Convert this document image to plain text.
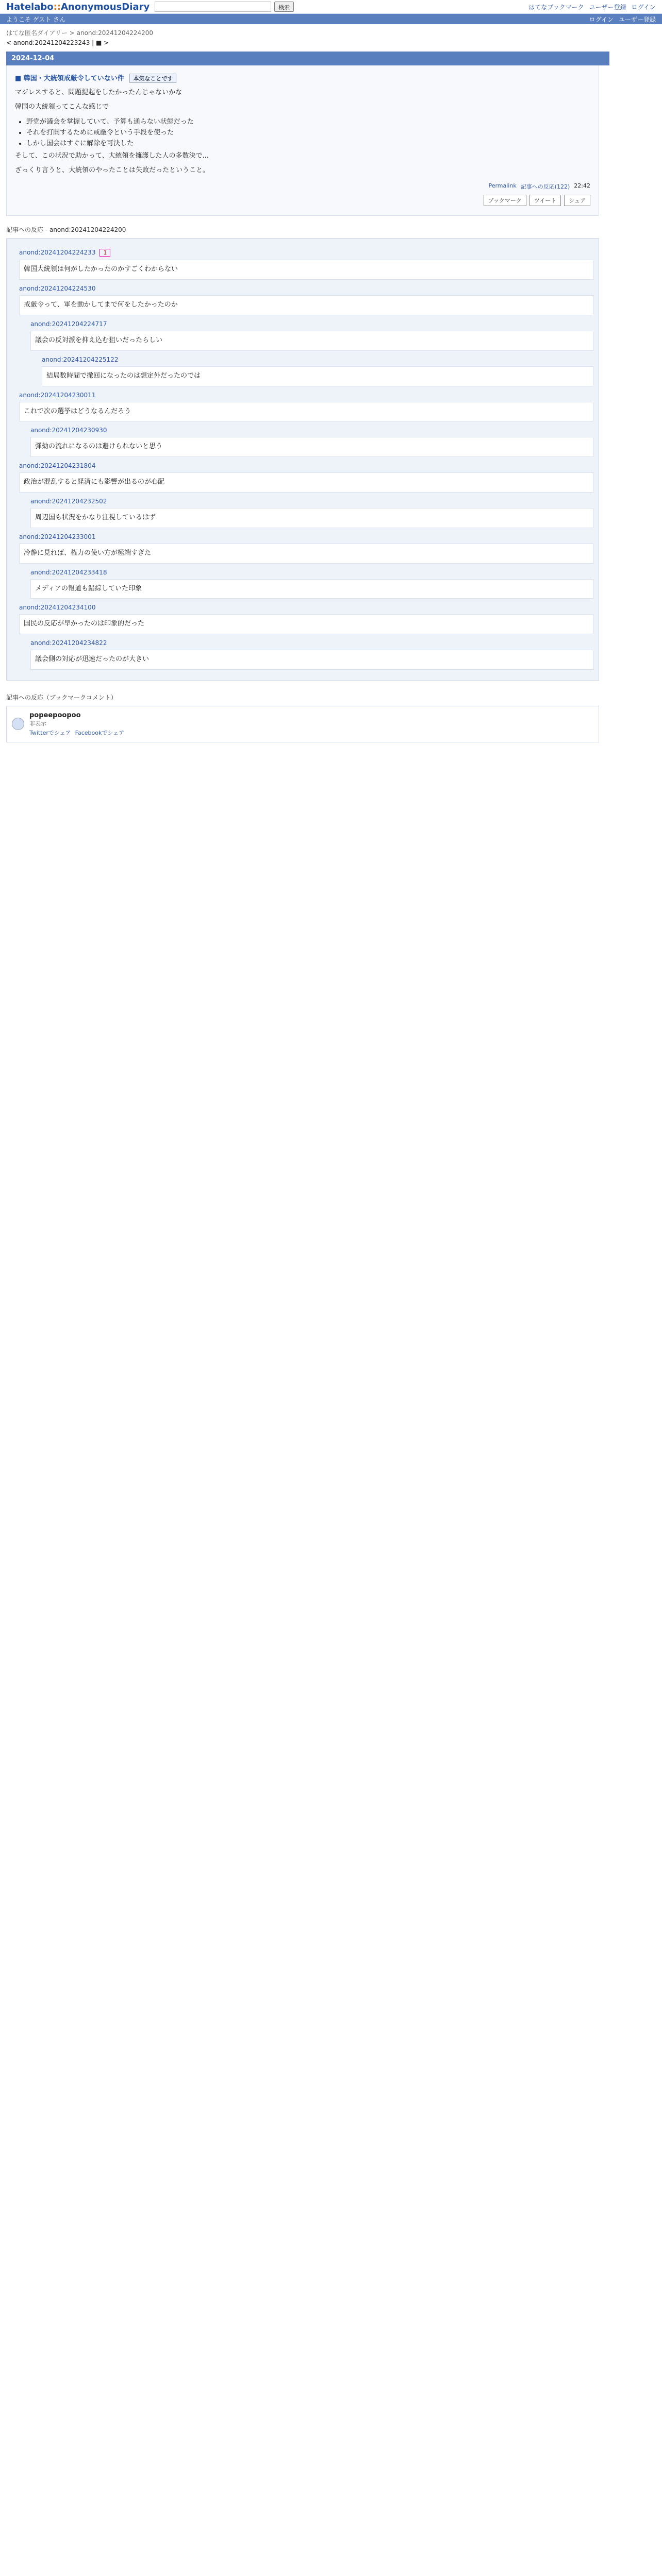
Hatelabo::AnonymousDiary	検索	はてなブックマーク ユーザー登録 ログイン
ようこそ ゲスト さん	ログイン ユーザー登録
はてな匿名ダイアリー > anond:20241204224200
< anond:20241204223243 | ■ >
2024-12-04
■ 韓国・大統領戒厳令していない件 本気なことです
マジレスすると、問題提起をしたかったんじゃないかな
韓国の大統領ってこんな感じで
• 野党が議会を掌握していて、予算も通らない状態だった
• それを打開するために戒厳令という手段を使った
• しかし国会はすぐに解除を可決した
そして、この状況で助かって、大統領を擁護した人の多数決で...
ざっくり言うと、大統領のやったことは失敗だったということ。
Permalink 記事への反応(122) 22:42
ブックマーク	ツイート	シェア
記事への反応 - anond:20241204224200
anond:20241204224233 1
韓国大統領は何がしたかったのかすごくわからない
anond:20241204224530
戒厳令って、軍を動かしてまで何をしたかったのか
anond:20241204224717
議会の反対派を抑え込む狙いだったらしい
anond:20241204225122
結局数時間で撤回になったのは想定外だったのでは
anond:20241204230011
これで次の選挙はどうなるんだろう
anond:20241204230930
弾劾の流れになるのは避けられないと思う
anond:20241204231804
政治が混乱すると経済にも影響が出るのが心配
anond:20241204232502
周辺国も状況をかなり注視しているはず
anond:20241204233001
冷静に見れば、権力の使い方が極端すぎた
anond:20241204233418
メディアの報道も錯綜していた印象
anond:20241204234100
国民の反応が早かったのは印象的だった
anond:20241204234822
議会側の対応が迅速だったのが大きい
記事への反応（ブックマークコメント）
popeepoopoo
非表示
Twitterでシェア Facebookでシェア
